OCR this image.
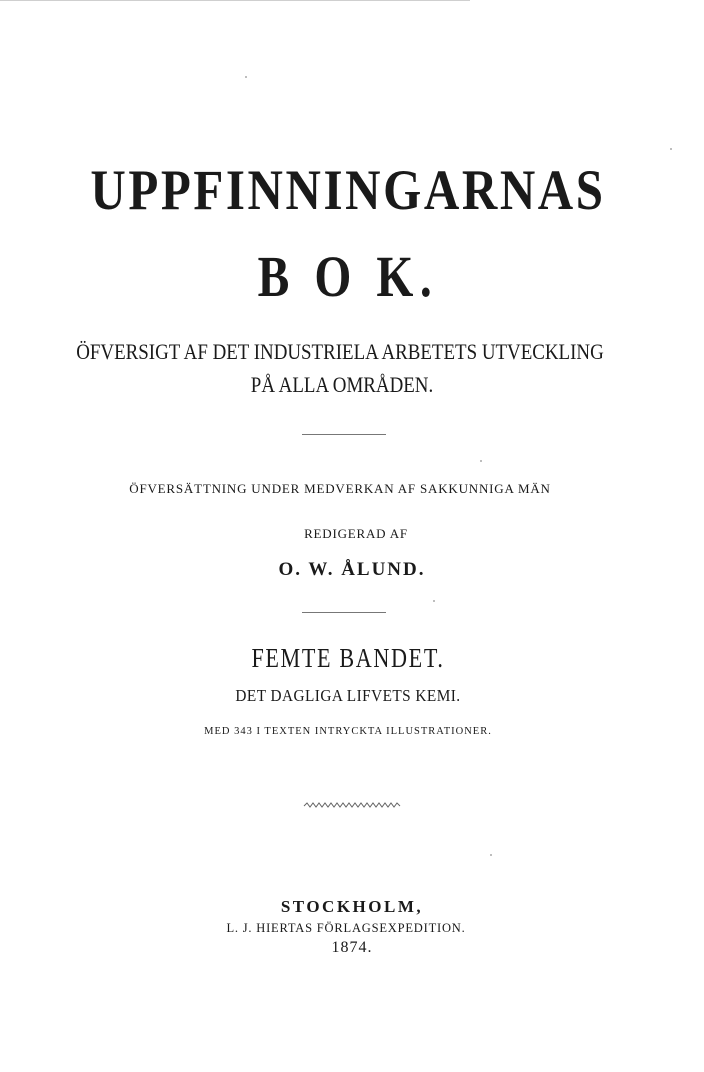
UPPFINNINGARNAS
B O K.
ÖFVERSIGT AF DET INDUSTRIELA ARBETETS UTVECKLING
PÅ ALLA OMRÅDEN.
ÖFVERSÄTTNING UNDER MEDVERKAN AF SAKKUNNIGA MÄN
REDIGERAD AF
O. W. ÅLUND.
FEMTE BANDET.
DET DAGLIGA LIFVETS KEMI.
MED 343 I TEXTEN INTRYCKTA ILLUSTRATIONER.
STOCKHOLM,
L. J. HIERTAS FÖRLAGSEXPEDITION.
1874.
